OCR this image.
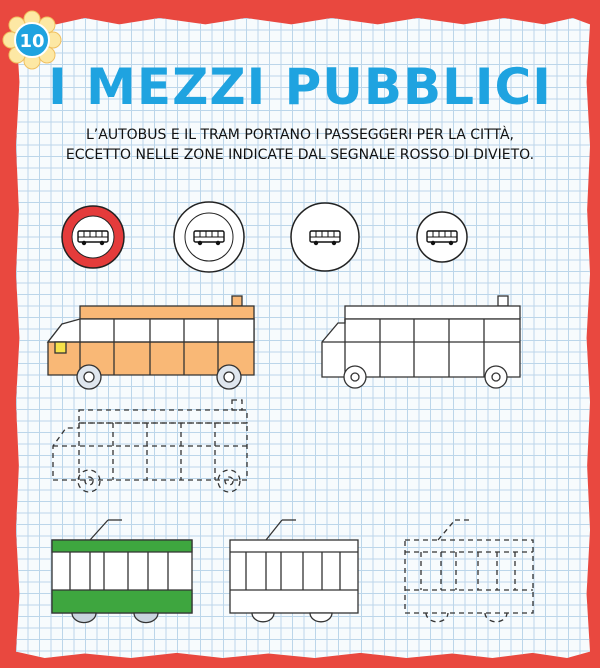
10
I MEZZI PUBBLICI
L’AUTOBUS E IL TRAM PORTANO I PASSEGGERI PER LA CITTÀ,
ECCETTO NELLE ZONE INDICATE DAL SEGNALE ROSSO DI DIVIETO.
